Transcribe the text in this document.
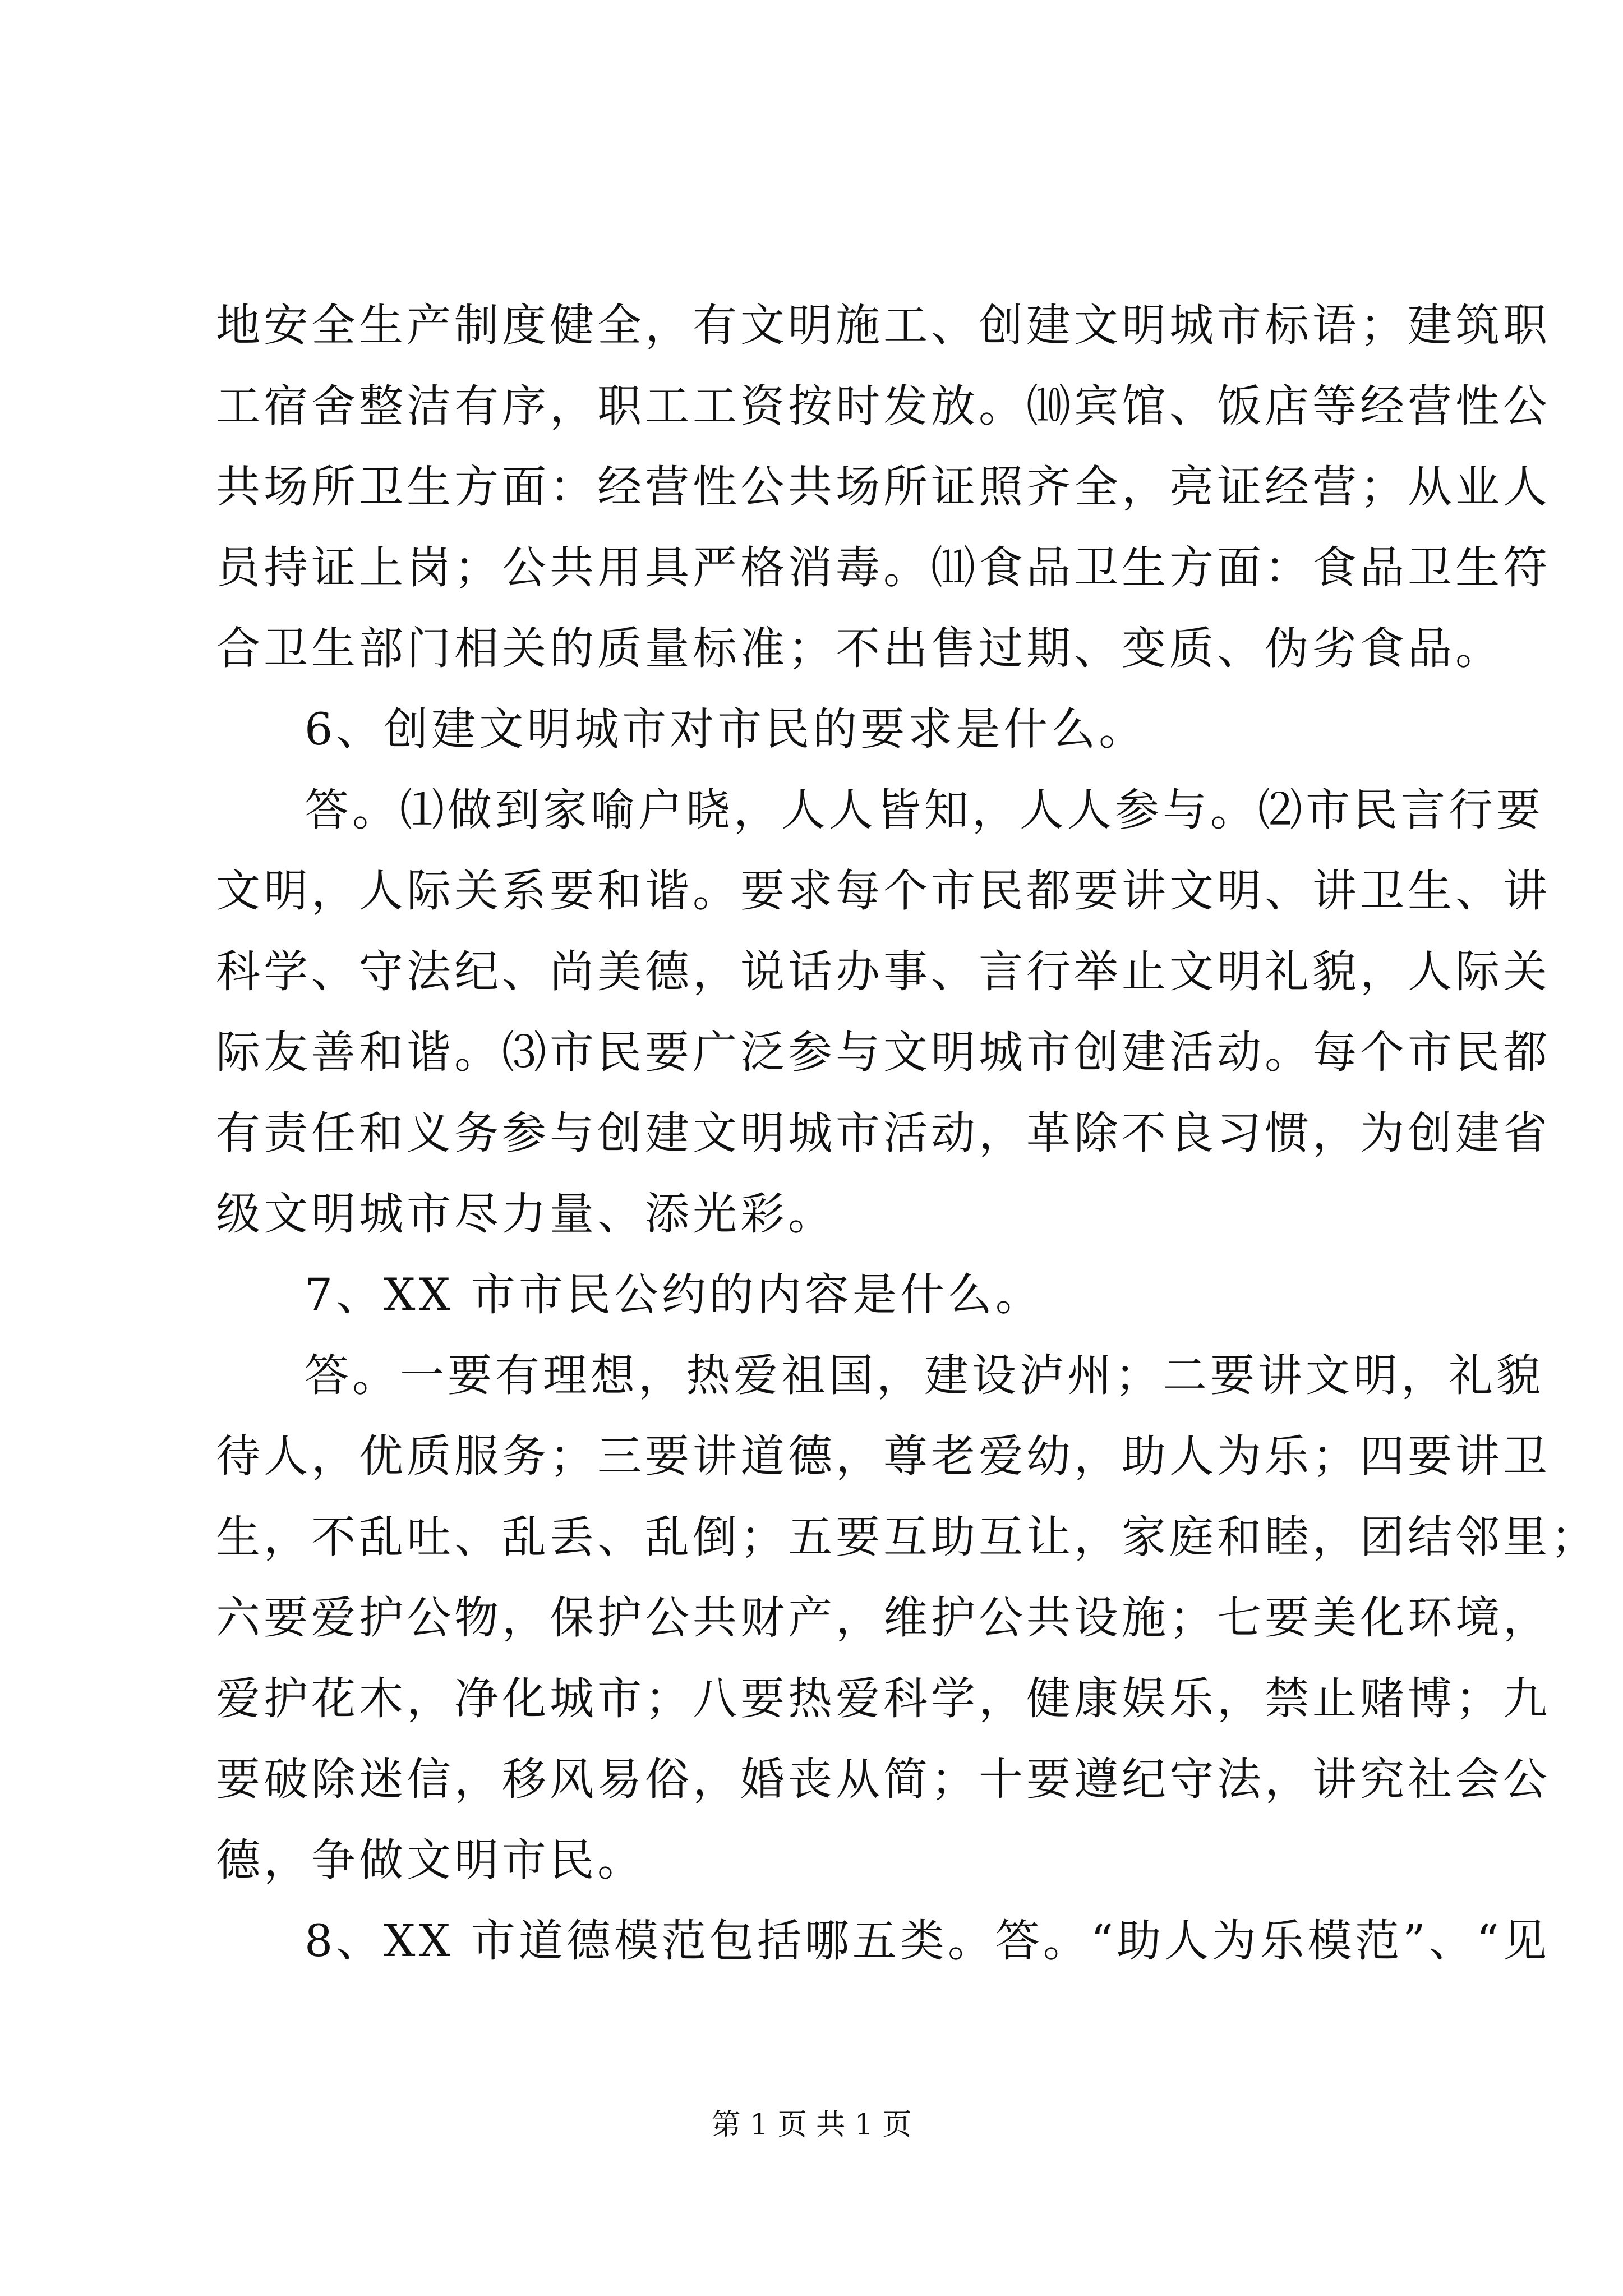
地安全生产制度健全，有文明施工、创建文明城市标语；建筑职
工宿舍整洁有序，职工工资按时发放。⑽宾馆、饭店等经营性公
共场所卫生方面：经营性公共场所证照齐全，亮证经营；从业人
员持证上岗；公共用具严格消毒。⑾食品卫生方面：食品卫生符
合卫生部门相关的质量标准；不出售过期、变质、伪劣食品。
6、创建文明城市对市民的要求是什么。
答。⑴做到家喻户晓，人人皆知，人人参与。⑵市民言行要
文明，人际关系要和谐。要求每个市民都要讲文明、讲卫生、讲
科学、守法纪、尚美德，说话办事、言行举止文明礼貌，人际关
际友善和谐。⑶市民要广泛参与文明城市创建活动。每个市民都
有责任和义务参与创建文明城市活动，革除不良习惯，为创建省
级文明城市尽力量、添光彩。
7、XX 市市民公约的内容是什么。
答。一要有理想，热爱祖国，建设泸州；二要讲文明，礼貌
待人，优质服务；三要讲道德，尊老爱幼，助人为乐；四要讲卫
生，不乱吐、乱丢、乱倒；五要互助互让，家庭和睦，团结邻里；
六要爱护公物，保护公共财产，维护公共设施；七要美化环境，
爱护花木，净化城市；八要热爱科学，健康娱乐，禁止赌博；九
要破除迷信，移风易俗，婚丧从简；十要遵纪守法，讲究社会公
德，争做文明市民。
8、XX 市道德模范包括哪五类。答。“助人为乐模范”、“见
第 1 页 共 1 页
